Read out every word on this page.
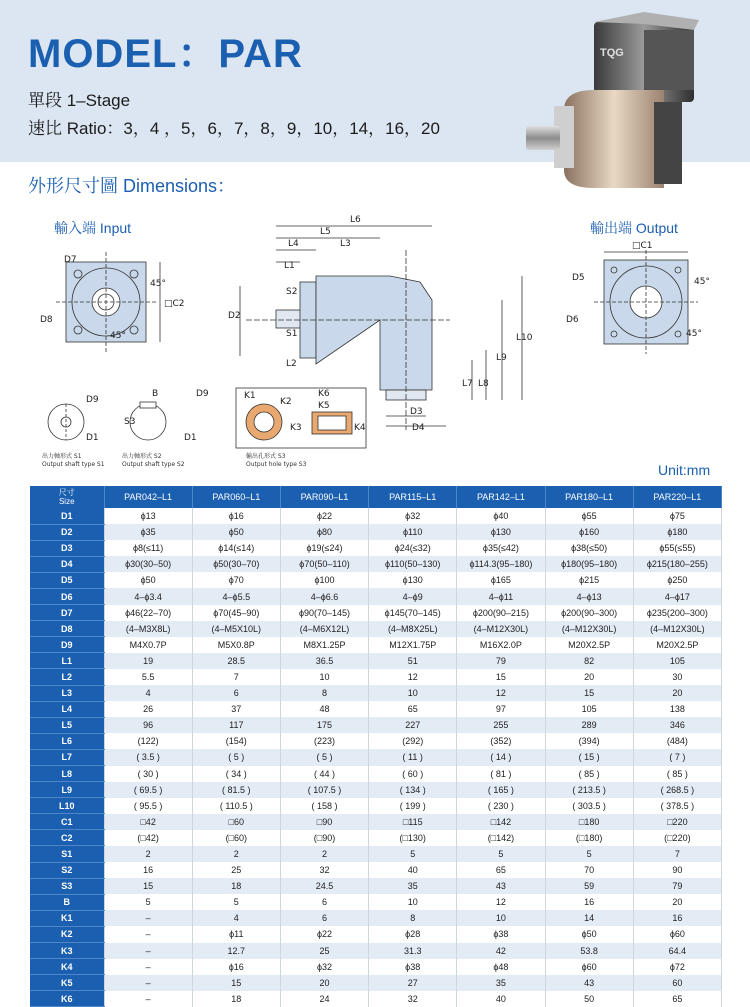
MODEL：PAR
單段 1–Stage
速比 Ratio：3，4 ，5，6，7，8，9，10，14，16，20
TQG
外形尺寸圖 Dimensions：
輸入端 Input	輸出端 Output
L6
L5
L4	L3
L1
S2
S1
L2
D2
L7 L8
L9
L10
D3
D4
D7
D8
□C2
45°
45°
□C1
D5
D6
45°
45°
D9
D1
B	D9
S3
D1
K1
K2
K3	K4
K5
K6
出力軸形式 S1
Output shaft type S1
出力軸形式 S2
Output shaft type S2
輸出孔形式 S3
Output hole type S3	Unit:mm
尺寸
Size	PAR042–L1	PAR060–L1	PAR090–L1	PAR115–L1	PAR142–L1	PAR180–L1	PAR220–L1
D1	ϕ13	ϕ16	ϕ22	ϕ32	ϕ40	ϕ55	ϕ75
D2	ϕ35	ϕ50	ϕ80	ϕ110	ϕ130	ϕ160	ϕ180
D3	ϕ8(≤11)	ϕ14(≤14)	ϕ19(≤24)	ϕ24(≤32)	ϕ35(≤42)	ϕ38(≤50)	ϕ55(≤55)
D4	ϕ30(30–50)	ϕ50(30–70)	ϕ70(50–110)	ϕ110(50–130)	ϕ114.3(95–180)	ϕ180(95–180)	ϕ215(180–255)
D5	ϕ50	ϕ70	ϕ100	ϕ130	ϕ165	ϕ215	ϕ250
D6	4–ϕ3.4	4–ϕ5.5	4–ϕ6.6	4–ϕ9	4–ϕ11	4–ϕ13	4–ϕ17
D7	ϕ46(22–70)	ϕ70(45–90)	ϕ90(70–145)	ϕ145(70–145)	ϕ200(90–215)	ϕ200(90–300)	ϕ235(200–300)
D8	(4–M3X8L)	(4–M5X10L)	(4–M6X12L)	(4–M8X25L)	(4–M12X30L)	(4–M12X30L)	(4–M12X30L)
D9	M4X0.7P	M5X0.8P	M8X1.25P	M12X1.75P	M16X2.0P	M20X2.5P	M20X2.5P
L1	19	28.5	36.5	51	79	82	105
L2	5.5	7	10	12	15	20	30
L3	4	6	8	10	12	15	20
L4	26	37	48	65	97	105	138
L5	96	117	175	227	255	289	346
L6	(122)	(154)	(223)	(292)	(352)	(394)	(484)
L7	( 3.5 )	( 5 )	( 5 )	( 11 )	( 14 )	( 15 )	( 7 )
L8	( 30 )	( 34 )	( 44 )	( 60 )	( 81 )	( 85 )	( 85 )
L9	( 69.5 )	( 81.5 )	( 107.5 )	( 134 )	( 165 )	( 213.5 )	( 268.5 )
L10	( 95.5 )	( 110.5 )	( 158 )	( 199 )	( 230 )	( 303.5 )	( 378.5 )
C1	□42	□60	□90	□115	□142	□180	□220
C2	(□42)	(□60)	(□90)	(□130)	(□142)	(□180)	(□220)
S1	2	2	2	5	5	5	7
S2	16	25	32	40	65	70	90
S3	15	18	24.5	35	43	59	79
B	5	5	6	10	12	16	20
K1	–	4	6	8	10	14	16
K2	–	ϕ11	ϕ22	ϕ28	ϕ38	ϕ50	ϕ60
K3	–	12.7	25	31.3	42	53.8	64.4
K4	–	ϕ16	ϕ32	ϕ38	ϕ48	ϕ60	ϕ72
K5	–	15	20	27	35	43	60
K6	–	18	24	32	40	50	65
